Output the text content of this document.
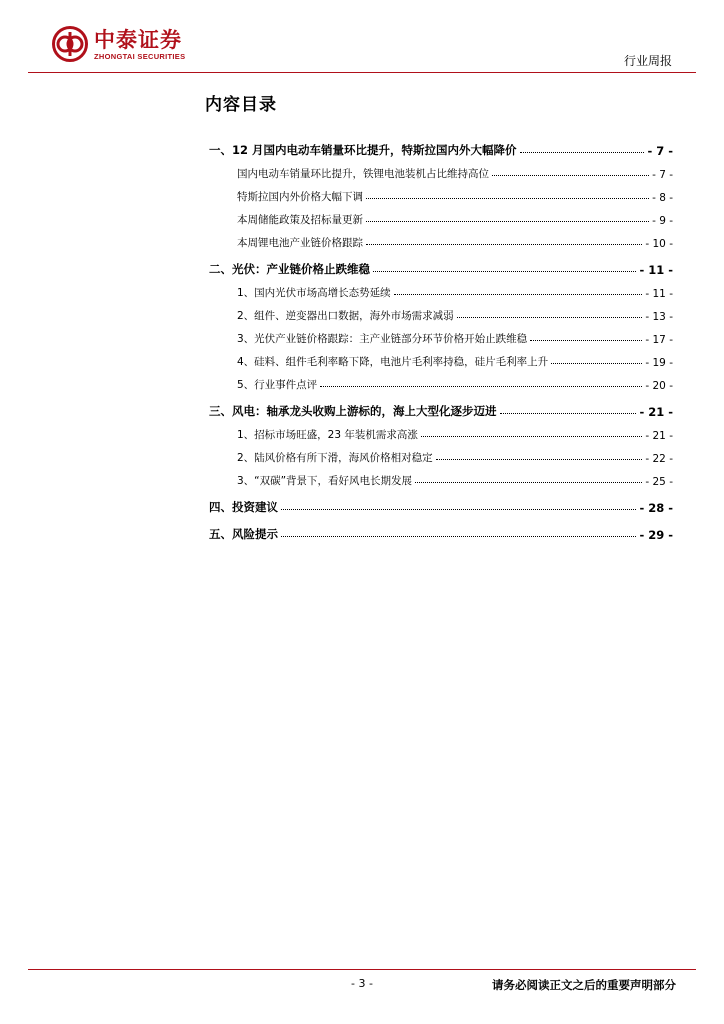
中泰证券
ZHONGTAI SECURITIES	行业周报
内容目录
一、12 月国内电动车销量环比提升，特斯拉国内外大幅降价	- 7 -
国内电动车销量环比提升，铁锂电池装机占比维持高位	- 7 -
特斯拉国内外价格大幅下调	- 8 -
本周储能政策及招标量更新	- 9 -
本周锂电池产业链价格跟踪	- 10 -
二、光伏：产业链价格止跌维稳	- 11 -
1、国内光伏市场高增长态势延续	- 11 -
2、组件、逆变器出口数据，海外市场需求减弱	- 13 -
3、光伏产业链价格跟踪：主产业链部分环节价格开始止跌维稳	- 17 -
4、硅料、组件毛利率略下降，电池片毛利率持稳，硅片毛利率上升	- 19 -
5、行业事件点评	- 20 -
三、风电：轴承龙头收购上游标的，海上大型化逐步迈进	- 21 -
1、招标市场旺盛，23 年装机需求高涨	- 21 -
2、陆风价格有所下滑，海风价格相对稳定	- 22 -
3、“双碳”背景下，看好风电长期发展	- 25 -
四、投资建议	- 28 -
五、风险提示	- 29 -
- 3 -	请务必阅读正文之后的重要声明部分
